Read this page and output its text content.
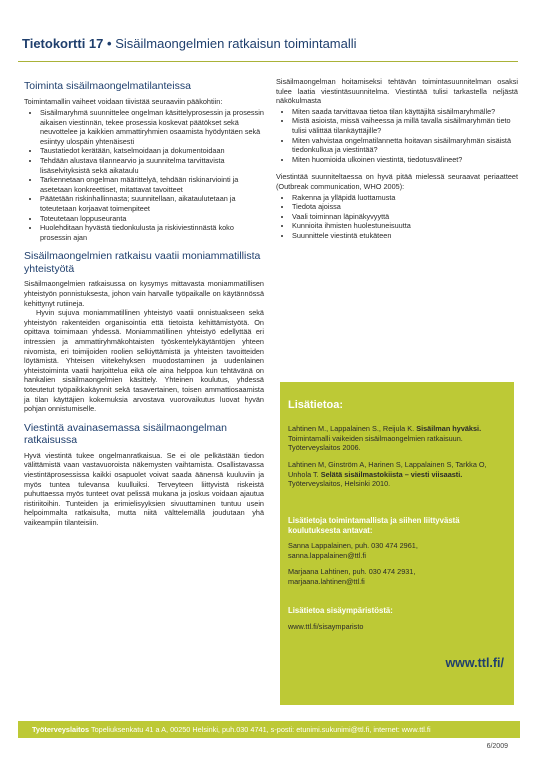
Tietokortti 17 • Sisäilmaongelmien ratkaisun toimintamalli
Toiminta sisäilmaongelmatilanteissa

Toimintamallin vaiheet voidaan tiivistää seuraaviin pääkohtiin:

• Sisäilmaryhmä suunnittelee ongelman käsittelyprosessin ja prosessin aikaisen viestinnän, tekee prosessia koskevat päätökset sekä neuvottelee ja kaikkien ammattiryhmien osaamista hyödyntäen sekä esiintyy ulospäin yhtenäisesti
• Taustatiedot kerätään, katselmoidaan ja dokumentoidaan
• Tehdään alustava tilannearvio ja suunnitelma tarvittavista lisäselvityksistä sekä aikataulu
• Tarkennetaan ongelman määrittelyä, tehdään riskinarviointi ja asetetaan konkreettiset, mitattavat tavoitteet
• Päätetään riskinhallinnasta; suunnitellaan, aikataulutetaan ja toteutetaan korjaavat toimenpiteet
• Toteutetaan loppuseuranta
• Huolehditaan hyvästä tiedonkulusta ja riskiviestinnästä koko prosessin ajan
Sisäilmaongelmien ratkaisu vaatii moniammatillista yhteistyötä

Sisäilmaongelmien ratkaisussa on kysymys mittavasta moniammatillisen yhteistyön ponnistuksesta, johon vain harvalle työpaikalle on käytännössä kehittynyt rutiineja.

Hyvin sujuva moniammatillinen yhteistyö vaatii onnistuakseen sekä yhteistyön rakenteiden organisointia että tietoista kehittämistyötä. On opittava toimimaan yhdessä. Moniammatillinen yhteistyö edellyttää eri intressien ja ammattiryhmäkohtaisten työskentelykäytäntöjen yhteen nivomista, eri toimijoiden roolien selkiyttämistä ja yhteisten tavoitteiden löytämistä. Yhteisen viitekehyksen muodostaminen ja uudenlainen yhteistoiminta vaatii harjoittelua eikä ole aina helppoa kun tehtävänä on hankalien sisäilmaongelmien käsittely. Yhteinen koulutus, yhdessä toteutetut työpaikkakäynnit sekä tasavertainen, toisen ammattiosaamista ja tilan käyttäjien kokemuksia arvostava vuorovaikutus luovat hyvän pohjan onnistumiselle.

Viestintä avainasemassa sisäilmaongelman ratkaisussa

Hyvä viestintä tukee ongelmanratkaisua. Se ei ole pelkästään tiedon välittämistä vaan vastavuoroista näkemysten vaihtamista. Osallistavassa viestintäprosessissa kaikki osapuolet voivat saada äänensä kuuluviin ja myös tuntea tulevansa kuulluiksi. Terveyteen liittyvistä riskeistä puhuttaessa myös tunteet ovat pelissä mukana ja joskus voidaan ajautua ristiriitoihin. Tunteiden ja erimielisyyksien sivuuttaminen tuntuu usein helpoimmalta ratkaisulta, mutta niitä välttelemällä joudutaan yhä vaikeampiin tilanteisiin.

Sisäilmaongelman hoitamiseksi tehtävän toimintasuunnitelman osaksi tulee laatia viestintäsuunnitelma. Viestintää tulisi tarkastella neljästä näkökulmasta

• Miten saada tarvittavaa tietoa tilan käyttäjiltä sisäilmaryhmälle?
• Mistä asioista, missä vaiheessa ja millä tavalla sisäilmaryhmän tieto tulisi välittää tilankäyttäjille?
• Miten vahvistaa ongelmatilannetta hoitavan sisäilmaryhmän sisäistä tiedonkulkua ja viestintää?
• Miten huomioida ulkoinen viestintä, tiedotusvälineet?

Viestintää suunniteltaessa on hyvä pitää mielessä seuraavat periaatteet (Outbreak communication, WHO 2005):

• Rakenna ja ylläpidä luottamusta
• Tiedota ajoissa
• Vaali toiminnan läpinäkyvyyttä
• Kunnioita ihmisten huolestuneisuutta
• Suunnittele viestintä etukäteen
Lisätietoa:
Lahtinen M., Lappalainen S., Reijula K. Sisäilman hyväksi. Toimintamalli vaikeiden sisäilmaongelmien ratkaisuun. Työterveyslaitos 2006.
Lahtinen M, Ginström A, Harinen S, Lappalainen S, Tarkka O, Unhola T. Selätä sisäilmastokiista – viesti viisaasti. Työterveyslaitos, Helsinki 2010.
Lisätietoja toimintamallista ja siihen liittyvästä koulutuksesta antavat:
Sanna Lappalainen, puh. 030 474 2961,
sanna.lappalainen@ttl.fi
Marjaana Lahtinen, puh. 030 474 2931,
marjaana.lahtinen@ttl.fi
Lisätietoa sisäympäristöstä:
www.ttl.fi/sisaymparisto
www.ttl.fi/
Työterveyslaitos Topeliuksenkatu 41 a A, 00250 Helsinki, puh.030 4741, s-posti: etunimi.sukunimi@ttl.fi, internet: www.ttl.fi
6/2009
